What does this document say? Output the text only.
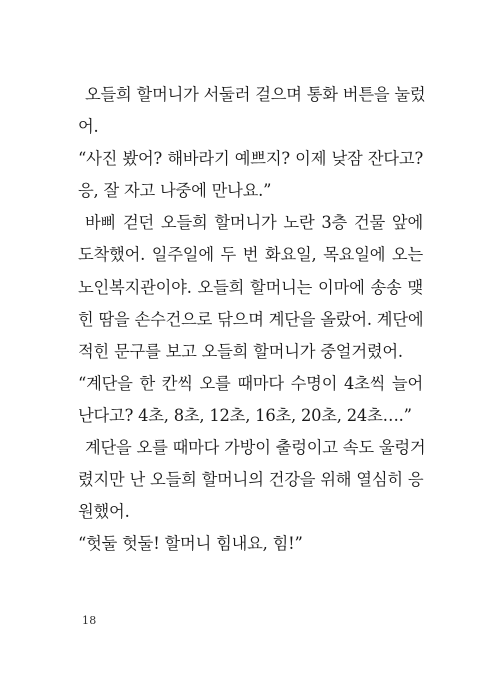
오들희 할머니가 서둘러 걸으며 통화 버튼을 눌렀
어.
“사진 봤어? 해바라기 예쁘지? 이제 낮잠 잔다고?
응, 잘 자고 나중에 만나요.”
바삐 걷던 오들희 할머니가 노란 3층 건물 앞에
도착했어. 일주일에 두 번 화요일, 목요일에 오는
노인복지관이야. 오들희 할머니는 이마에 송송 맺
힌 땀을 손수건으로 닦으며 계단을 올랐어. 계단에
적힌 문구를 보고 오들희 할머니가 중얼거렸어.
“계단을 한 칸씩 오를 때마다 수명이 4초씩 늘어
난다고? 4초, 8초, 12초, 16초, 20초, 24초….”
계단을 오를 때마다 가방이 출렁이고 속도 울렁거
렸지만 난 오들희 할머니의 건강을 위해 열심히 응
원했어.
“헛둘 헛둘! 할머니 힘내요, 힘!”
18
